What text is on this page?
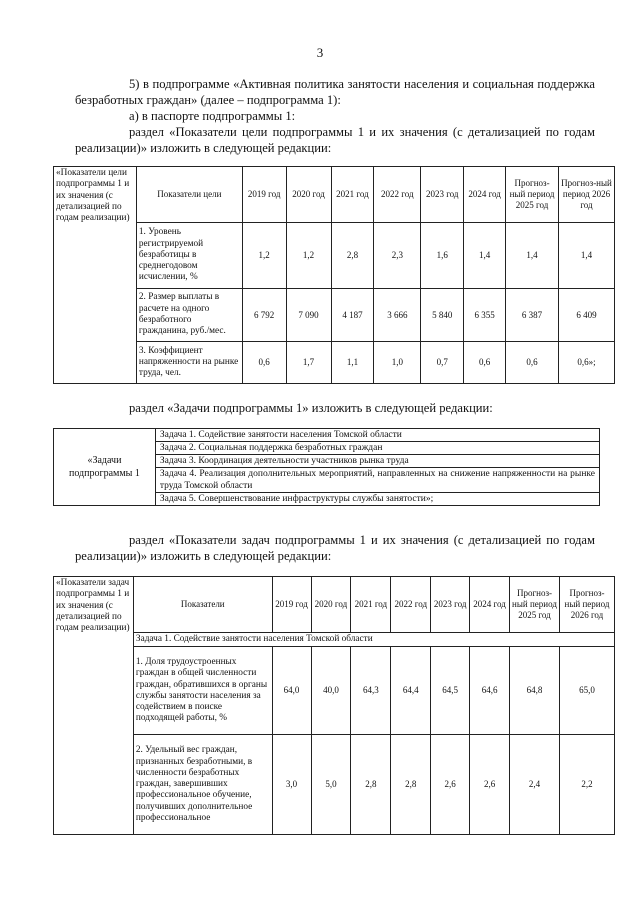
3
5) в подпрограмме «Активная политика занятости населения и социальная поддержка безработных граждан» (далее – подпрограмма 1):
а) в паспорте подпрограммы 1:
раздел «Показатели цели подпрограммы 1 и их значения (с детализацией по годам реализации)» изложить в следующей редакции:
«Показатели цели подпрограммы 1 и их значения (с детализацией по годам реализации)	Показатели цели	2019 год	2020 год	2021 год	2022 год	2023 год	2024 год	Прогноз-ный период 2025 год	Прогноз-ный период 2026 год
	1. Уровень регистрируемой безработицы в среднегодовом исчислении, %	1,2	1,2	2,8	2,3	1,6	1,4	1,4	1,4
	2. Размер выплаты в расчете на одного безработного гражданина, руб./мес.	6 792	7 090	4 187	3 666	5 840	6 355	6 387	6 409
	3. Коэффициент напряженности на рынке труда, чел.	0,6	1,7	1,1	1,0	0,7	0,6	0,6	0,6»;
раздел «Задачи подпрограммы 1» изложить в следующей редакции:
«Задачи подпрограммы 1	Задача 1. Содействие занятости населения Томской области
Задача 2. Социальная поддержка безработных граждан
Задача 3. Координация деятельности участников рынка труда
Задача 4. Реализация дополнительных мероприятий, направленных на снижение напряженности на рынке труда Томской области
Задача 5. Совершенствование инфраструктуры службы занятости»;
раздел «Показатели задач подпрограммы 1 и их значения (с детализацией по годам реализации)» изложить в следующей редакции:
«Показатели задач подпрограммы 1 и их значения (с детализацией по годам реализации)	Показатели	2019 год	2020 год	2021 год	2022 год	2023 год	2024 год	Прогноз-ный период 2025 год	Прогноз-ный период 2026 год
	Задача 1. Содействие занятости населения Томской области								
	1. Доля трудоустроенных граждан в общей численности граждан, обратившихся в органы службы занятости населения за содействием в поиске подходящей работы, %	64,0	40,0	64,3	64,4	64,5	64,6	64,8	65,0
	2. Удельный вес граждан, признанных безработными, в численности безработных граждан, завершивших профессиональное обучение, получивших дополнительное профессиональное	3,0	5,0	2,8	2,8	2,6	2,6	2,4	2,2
